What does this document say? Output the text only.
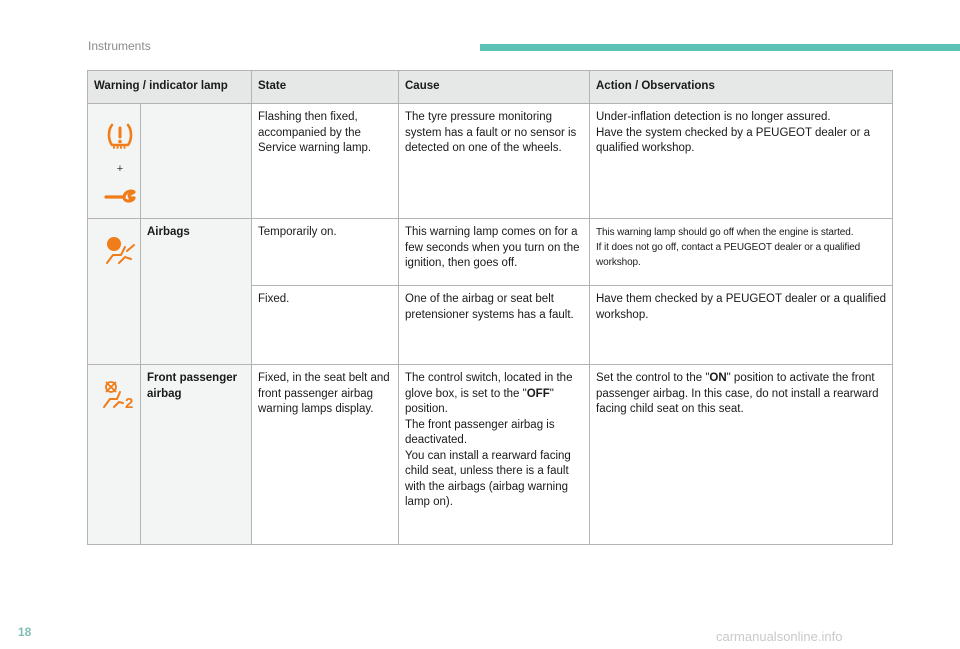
Instruments
Warning / indicator lamp		State	Cause	Action / Observations

+		Flashing then fixed, accompanied by the Service warning lamp.	The tyre pressure monitoring system has a fault or no sensor is detected on one of the wheels.	Under-inflation detection is no longer assured.
Have the system checked by a PEUGEOT dealer or a qualified workshop.

	Airbags	Temporarily on.	This warning lamp comes on for a few seconds when you turn on the ignition, then goes off.	This warning lamp should go off when the engine is started.
If it does not go off, contact a PEUGEOT dealer or a qualified workshop.

		Fixed.	One of the airbag or seat belt pretensioner systems has a fault.	Have them checked by a PEUGEOT dealer or a qualified workshop.

2	Front passenger airbag	Fixed, in the seat belt and front passenger airbag warning lamps display.	The control switch, located in the glove box, is set to the "OFF" position.
The front passenger airbag is deactivated.
You can install a rearward facing child seat, unless there is a fault with the airbags (airbag warning lamp on).	Set the control to the "ON" position to activate the front passenger airbag. In this case, do not install a rearward facing child seat on this seat.
18	carmanualsonline.info
